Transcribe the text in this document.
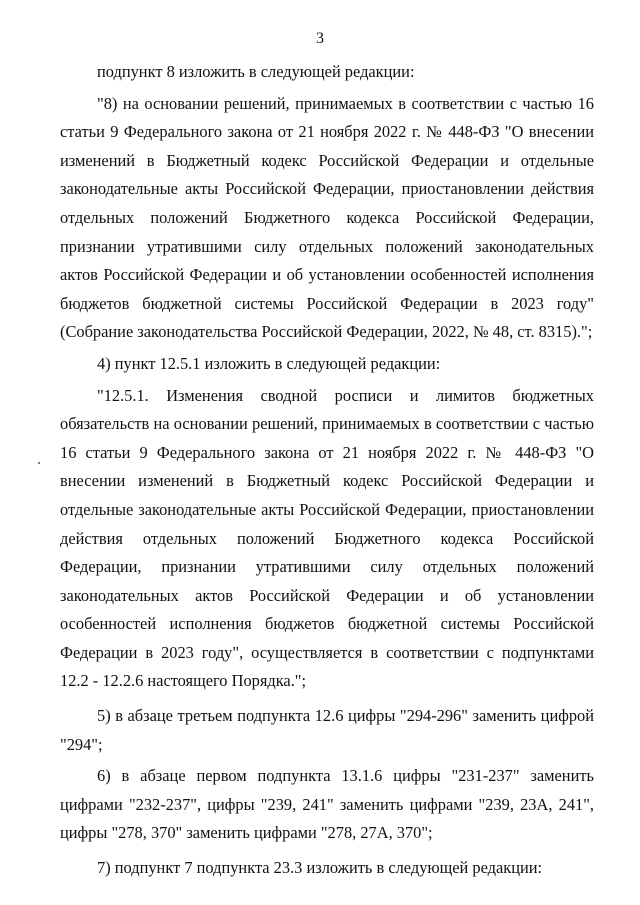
3

подпункт 8 изложить в следующей редакции:

"8) на основании решений, принимаемых в соответствии с частью 16 статьи 9 Федерального закона от 21 ноября 2022 г. № 448-ФЗ "О внесении изменений в Бюджетный кодекс Российской Федерации и отдельные законодательные акты Российской Федерации, приостановлении действия отдельных положений Бюджетного кодекса Российской Федерации, признании утратившими силу отдельных положений законодательных актов Российской Федерации и об установлении особенностей исполнения бюджетов бюджетной системы Российской Федерации в 2023 году" (Собрание законодательства Российской Федерации, 2022, № 48, ст. 8315).";

4) пункт 12.5.1 изложить в следующей редакции:

"12.5.1. Изменения сводной росписи и лимитов бюджетных обязательств на основании решений, принимаемых в соответствии с частью 16 статьи 9 Федерального закона от 21 ноября 2022 г. № 448-ФЗ "О внесении изменений в Бюджетный кодекс Российской Федерации и отдельные законодательные акты Российской Федерации, приостановлении действия отдельных положений Бюджетного кодекса Российской Федерации, признании утратившими силу отдельных положений законодательных актов Российской Федерации и об установлении особенностей исполнения бюджетов бюджетной системы Российской Федерации в 2023 году", осуществляется в соответствии с подпунктами 12.2 - 12.2.6 настоящего Порядка.";

5) в абзаце третьем подпункта 12.6 цифры "294-296" заменить цифрой "294";

6) в абзаце первом подпункта 13.1.6 цифры "231-237" заменить цифрами "232-237", цифры "239, 241" заменить цифрами "239, 23А, 241", цифры "278, 370" заменить цифрами "278, 27А, 370";

7) подпункт 7 подпункта 23.3 изложить в следующей редакции:
